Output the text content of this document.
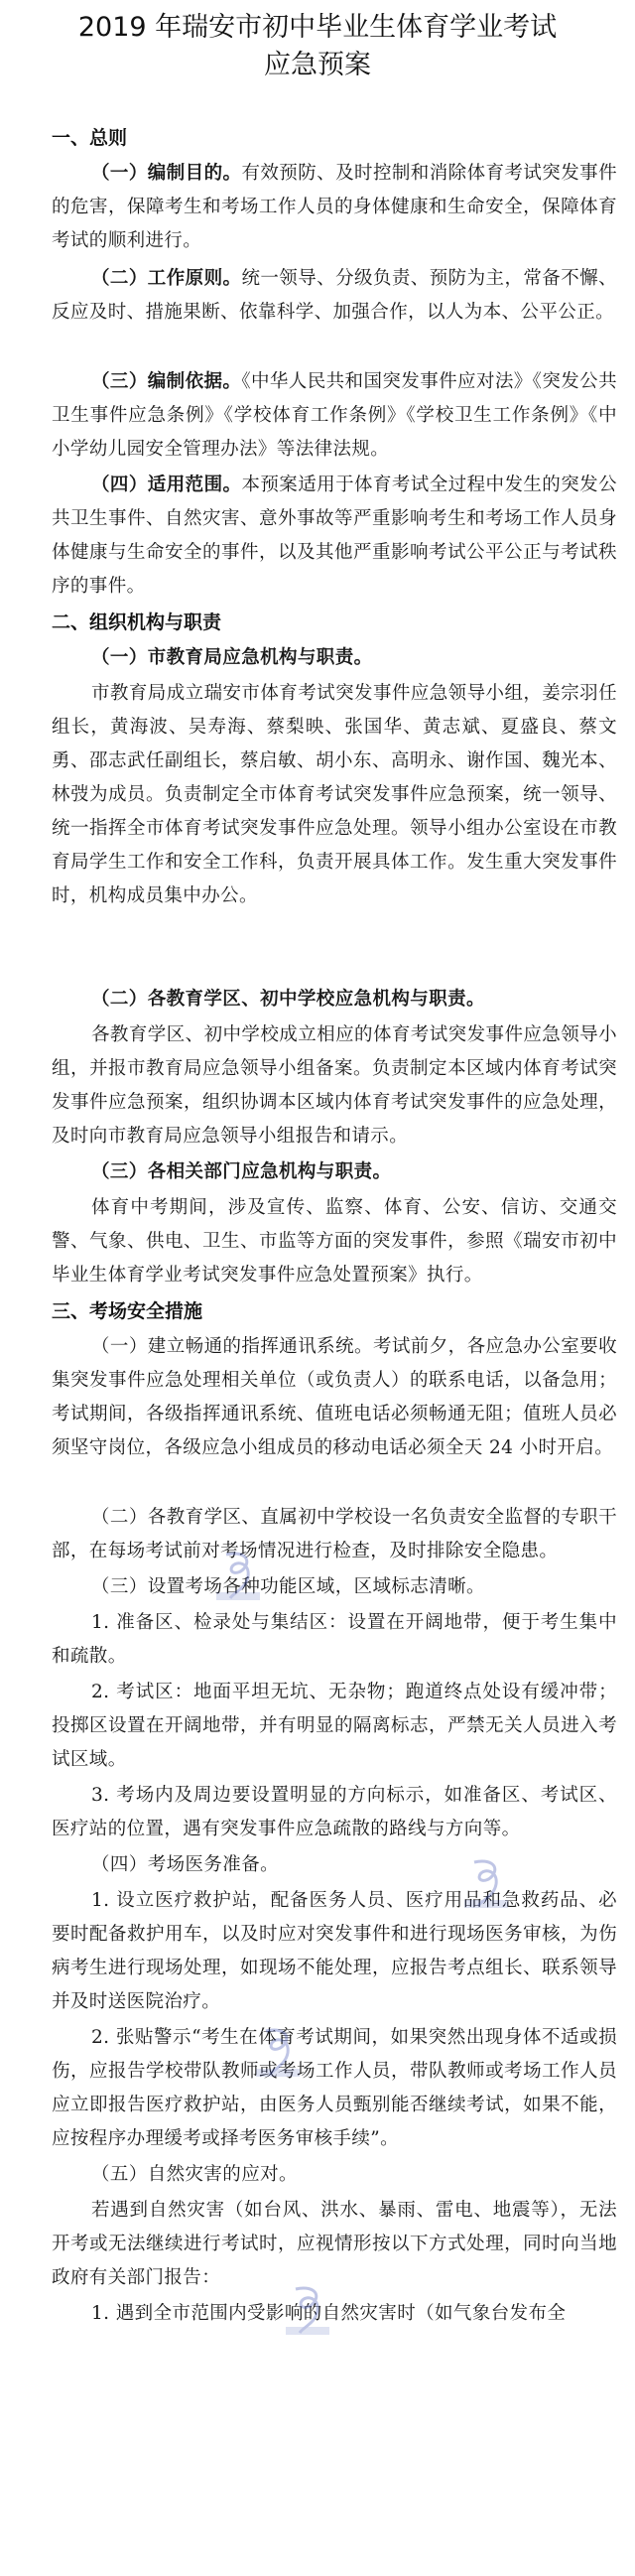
2019 年瑞安市初中毕业生体育学业考试
应急预案
一、总则
（一）编制目的。有效预防、及时控制和消除体育考试突发事件的危害，保障考生和考场工作人员的身体健康和生命安全，保障体育考试的顺利进行。
（二）工作原则。统一领导、分级负责、预防为主，常备不懈、反应及时、措施果断、依靠科学、加强合作，以人为本、公平公正。
（三）编制依据。《中华人民共和国突发事件应对法》《突发公共卫生事件应急条例》《学校体育工作条例》《学校卫生工作条例》《中小学幼儿园安全管理办法》等法律法规。
（四）适用范围。本预案适用于体育考试全过程中发生的突发公共卫生事件、自然灾害、意外事故等严重影响考生和考场工作人员身体健康与生命安全的事件，以及其他严重影响考试公平公正与考试秩序的事件。
二、组织机构与职责
（一）市教育局应急机构与职责。
市教育局成立瑞安市体育考试突发事件应急领导小组，姜宗羽任组长，黄海波、吴寿海、蔡梨映、张国华、黄志斌、夏盛良、蔡文勇、邵志武任副组长，蔡启敏、胡小东、高明永、谢作国、魏光本、林弢为成员。负责制定全市体育考试突发事件应急预案，统一领导、统一指挥全市体育考试突发事件应急处理。领导小组办公室设在市教育局学生工作和安全工作科，负责开展具体工作。发生重大突发事件时，机构成员集中办公。
（二）各教育学区、初中学校应急机构与职责。
各教育学区、初中学校成立相应的体育考试突发事件应急领导小组，并报市教育局应急领导小组备案。负责制定本区域内体育考试突发事件应急预案，组织协调本区域内体育考试突发事件的应急处理，及时向市教育局应急领导小组报告和请示。
（三）各相关部门应急机构与职责。
体育中考期间，涉及宣传、监察、体育、公安、信访、交通交警、气象、供电、卫生、市监等方面的突发事件，参照《瑞安市初中毕业生体育学业考试突发事件应急处置预案》执行。
三、考场安全措施
（一）建立畅通的指挥通讯系统。考试前夕，各应急办公室要收集突发事件应急处理相关单位（或负责人）的联系电话，以备急用；考试期间，各级指挥通讯系统、值班电话必须畅通无阻；值班人员必须坚守岗位，各级应急小组成员的移动电话必须全天 24 小时开启。
（二）各教育学区、直属初中学校设一名负责安全监督的专职干部，在每场考试前对考场情况进行检查，及时排除安全隐患。
（三）设置考场各种功能区域，区域标志清晰。
1. 准备区、检录处与集结区：设置在开阔地带，便于考生集中和疏散。
2. 考试区：地面平坦无坑、无杂物；跑道终点处设有缓冲带；投掷区设置在开阔地带，并有明显的隔离标志，严禁无关人员进入考试区域。
3. 考场内及周边要设置明显的方向标示，如准备区、考试区、医疗站的位置，遇有突发事件应急疏散的路线与方向等。
（四）考场医务准备。
1. 设立医疗救护站，配备医务人员、医疗用品和急救药品、必要时配备救护用车，以及时应对突发事件和进行现场医务审核，为伤病考生进行现场处理，如现场不能处理，应报告考点组长、联系领导并及时送医院治疗。
2. 张贴警示“考生在体育考试期间，如果突然出现身体不适或损伤，应报告学校带队教师或考场工作人员，带队教师或考场工作人员应立即报告医疗救护站，由医务人员甄别能否继续考试，如果不能，应按程序办理缓考或择考医务审核手续”。
（五）自然灾害的应对。
若遇到自然灾害（如台风、洪水、暴雨、雷电、地震等），无法开考或无法继续进行考试时，应视情形按以下方式处理，同时向当地政府有关部门报告：
1. 遇到全市范围内受影响的自然灾害时（如气象台发布全
